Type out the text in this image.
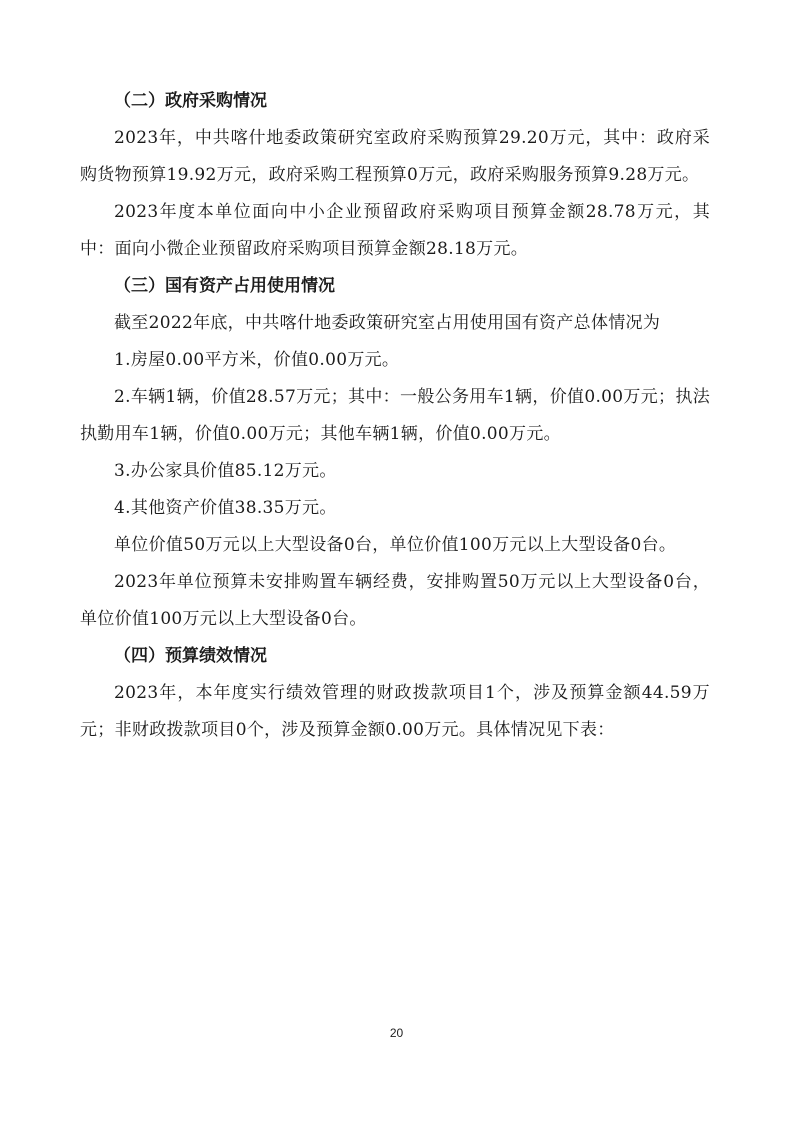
（二）政府采购情况

2023年，中共喀什地委政策研究室政府采购预算29.20万元，其中：政府采购货物预算19.92万元，政府采购工程预算0万元，政府采购服务预算9.28万元。

2023年度本单位面向中小企业预留政府采购项目预算金额28.78万元，其中：面向小微企业预留政府采购项目预算金额28.18万元。

（三）国有资产占用使用情况

截至2022年底，中共喀什地委政策研究室占用使用国有资产总体情况为

1.房屋0.00平方米，价值0.00万元。

2.车辆1辆，价值28.57万元；其中：一般公务用车1辆，价值0.00万元；执法执勤用车1辆，价值0.00万元；其他车辆1辆，价值0.00万元。

3.办公家具价值85.12万元。

4.其他资产价值38.35万元。

单位价值50万元以上大型设备0台，单位价值100万元以上大型设备0台。

2023年单位预算未安排购置车辆经费，安排购置50万元以上大型设备0台，单位价值100万元以上大型设备0台。

（四）预算绩效情况

2023年，本年度实行绩效管理的财政拨款项目1个，涉及预算金额44.59万元；非财政拨款项目0个，涉及预算金额0.00万元。具体情况见下表：

20
